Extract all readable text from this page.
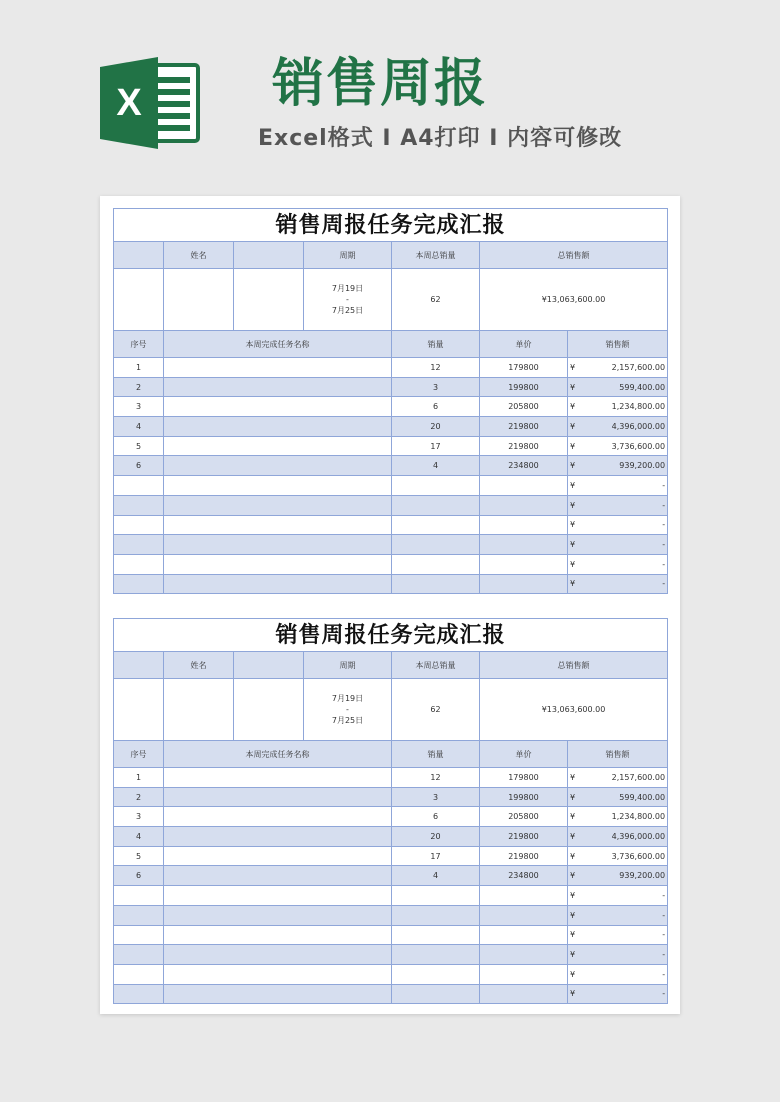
X	销售周报
Excel格式 I A4打印 I 内容可修改
销售周报任务完成汇报						
	姓名		周期	本周总销量	总销售额	

			7月19日
-
7月25日	62	¥13,063,600.00	
序号	本周完成任务名称			销量	单价	销售额
1				12	179800	¥ 2,157,600.00

2				3	199800	¥ 599,400.00

3				6	205800	¥ 1,234,800.00

4				20	219800	¥ 4,396,000.00

5				17	219800	¥ 3,736,600.00

6				4	234800	¥ 939,200.00

						¥ -

						¥ -

						¥ -

						¥ -

						¥ -

						¥ -
销售周报任务完成汇报						
	姓名		周期	本周总销量	总销售额	

			7月19日
-
7月25日	62	¥13,063,600.00	
序号	本周完成任务名称			销量	单价	销售额
1				12	179800	¥ 2,157,600.00

2				3	199800	¥ 599,400.00

3				6	205800	¥ 1,234,800.00

4				20	219800	¥ 4,396,000.00

5				17	219800	¥ 3,736,600.00

6				4	234800	¥ 939,200.00

						¥ -

						¥ -

						¥ -

						¥ -

						¥ -

						¥ -
